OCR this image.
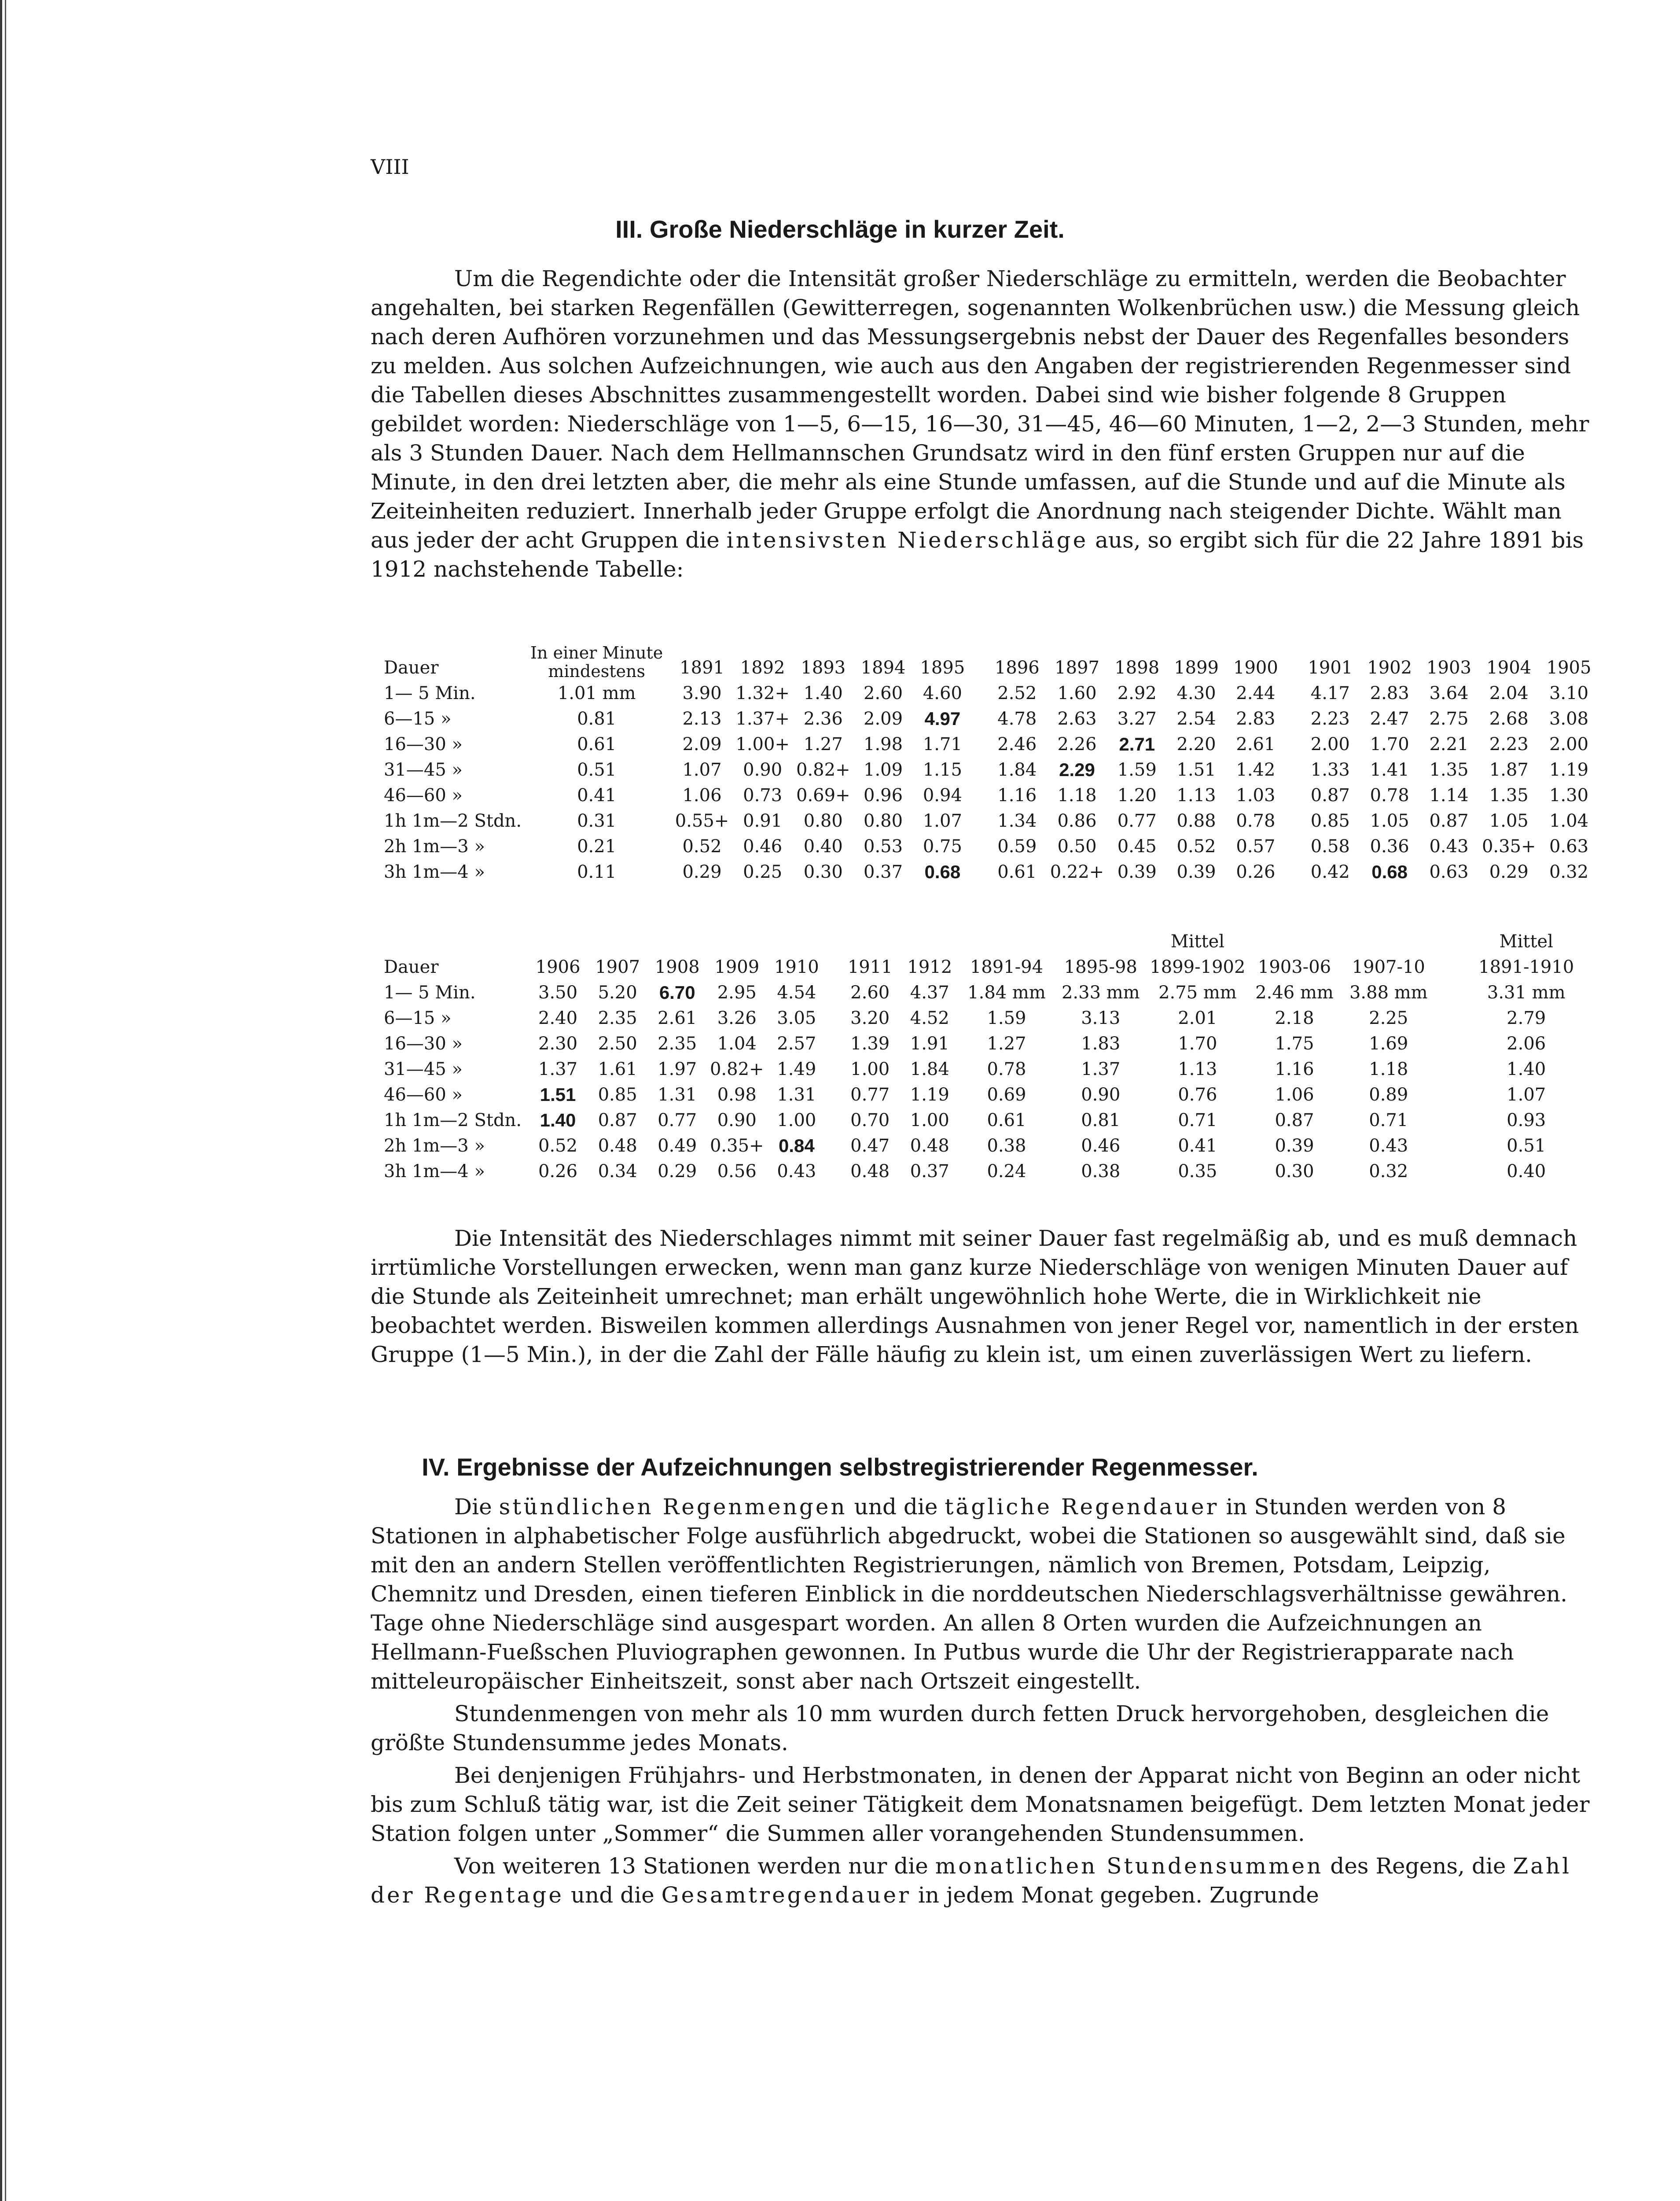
VIII
III. Große Niederschläge in kurzer Zeit.

Um die Regendichte oder die Intensität großer Niederschläge zu ermitteln, werden die Beobachter angehalten, bei starken Regenfällen (Gewitterregen, sogenannten Wolkenbrüchen usw.) die Messung gleich nach deren Aufhören vorzunehmen und das Messungsergebnis nebst der Dauer des Regenfalles besonders zu melden. Aus solchen Aufzeichnungen, wie auch aus den Angaben der registrierenden Regenmesser sind die Tabellen dieses Abschnittes zusammengestellt worden. Dabei sind wie bisher folgende 8 Gruppen gebildet worden: Niederschläge von 1—5, 6—15, 16—30, 31—45, 46—60 Minuten, 1—2, 2—3 Stunden, mehr als 3 Stunden Dauer. Nach dem Hellmannschen Grundsatz wird in den fünf ersten Gruppen nur auf die Minute, in den drei letzten aber, die mehr als eine Stunde umfassen, auf die Stunde und auf die Minute als Zeiteinheiten reduziert. Innerhalb jeder Gruppe erfolgt die Anordnung nach steigender Dichte. Wählt man aus jeder der acht Gruppen die intensivsten Niederschläge aus, so ergibt sich für die 22 Jahre 1891 bis 1912 nachstehende Tabelle:

Dauer	In einer Minute mindestens	1891	1892	1893	1894	1895		1896	1897	1898	1899	1900		1901	1902	1903	1904	1905
1— 5 Min.	1.01 mm	3.90	1.32+	1.40	2.60	4.60		2.52	1.60	2.92	4.30	2.44		4.17	2.83	3.64	2.04	3.10
6—15 »	0.81	2.13	1.37+	2.36	2.09	4.97		4.78	2.63	3.27	2.54	2.83		2.23	2.47	2.75	2.68	3.08
16—30 »	0.61	2.09	1.00+	1.27	1.98	1.71		2.46	2.26	2.71	2.20	2.61		2.00	1.70	2.21	2.23	2.00
31—45 »	0.51	1.07	0.90	0.82+	1.09	1.15		1.84	2.29	1.59	1.51	1.42		1.33	1.41	1.35	1.87	1.19
46—60 »	0.41	1.06	0.73	0.69+	0.96	0.94		1.16	1.18	1.20	1.13	1.03		0.87	0.78	1.14	1.35	1.30
1h 1m—2 Stdn.	0.31	0.55+	0.91	0.80	0.80	1.07		1.34	0.86	0.77	0.88	0.78		0.85	1.05	0.87	1.05	1.04
2h 1m—3 »	0.21	0.52	0.46	0.40	0.53	0.75		0.59	0.50	0.45	0.52	0.57		0.58	0.36	0.43	0.35+	0.63
3h 1m—4 »	0.11	0.29	0.25	0.30	0.37	0.68		0.61	0.22+	0.39	0.39	0.26		0.42	0.68	0.63	0.29	0.32
									Mittel						Mittel
Dauer	1906	1907	1908	1909	1910		1911	1912	1891-94	1895-98	1899-1902	1903-06	1907-10		1891-1910
1— 5 Min.	3.50	5.20	6.70	2.95	4.54		2.60	4.37	1.84 mm	2.33 mm	2.75 mm	2.46 mm	3.88 mm		3.31 mm
6—15 »	2.40	2.35	2.61	3.26	3.05		3.20	4.52	1.59	3.13	2.01	2.18	2.25		2.79
16—30 »	2.30	2.50	2.35	1.04	2.57		1.39	1.91	1.27	1.83	1.70	1.75	1.69		2.06
31—45 »	1.37	1.61	1.97	0.82+	1.49		1.00	1.84	0.78	1.37	1.13	1.16	1.18		1.40
46—60 »	1.51	0.85	1.31	0.98	1.31		0.77	1.19	0.69	0.90	0.76	1.06	0.89		1.07
1h 1m—2 Stdn.	1.40	0.87	0.77	0.90	1.00		0.70	1.00	0.61	0.81	0.71	0.87	0.71		0.93
2h 1m—3 »	0.52	0.48	0.49	0.35+	0.84		0.47	0.48	0.38	0.46	0.41	0.39	0.43		0.51
3h 1m—4 »	0.26	0.34	0.29	0.56	0.43		0.48	0.37	0.24	0.38	0.35	0.30	0.32		0.40

Die Intensität des Niederschlages nimmt mit seiner Dauer fast regelmäßig ab, und es muß demnach irrtümliche Vorstellungen erwecken, wenn man ganz kurze Niederschläge von wenigen Minuten Dauer auf die Stunde als Zeiteinheit umrechnet; man erhält ungewöhnlich hohe Werte, die in Wirklichkeit nie beobachtet werden. Bisweilen kommen allerdings Ausnahmen von jener Regel vor, namentlich in der ersten Gruppe (1—5 Min.), in der die Zahl der Fälle häufig zu klein ist, um einen zuverlässigen Wert zu liefern.

IV. Ergebnisse der Aufzeichnungen selbstregistrierender Regenmesser.

Die stündlichen Regenmengen und die tägliche Regendauer in Stunden werden von 8 Stationen in alphabetischer Folge ausführlich abgedruckt, wobei die Stationen so ausgewählt sind, daß sie mit den an andern Stellen veröffentlichten Registrierungen, nämlich von Bremen, Potsdam, Leipzig, Chemnitz und Dresden, einen tieferen Einblick in die norddeutschen Niederschlagsverhältnisse gewähren. Tage ohne Niederschläge sind ausgespart worden. An allen 8 Orten wurden die Aufzeichnungen an Hellmann-Fueßschen Pluviographen gewonnen. In Putbus wurde die Uhr der Registrierapparate nach mitteleuropäischer Einheitszeit, sonst aber nach Ortszeit eingestellt.

Stundenmengen von mehr als 10 mm wurden durch fetten Druck hervorgehoben, desgleichen die größte Stundensumme jedes Monats.

Bei denjenigen Frühjahrs- und Herbstmonaten, in denen der Apparat nicht von Beginn an oder nicht bis zum Schluß tätig war, ist die Zeit seiner Tätigkeit dem Monatsnamen beigefügt. Dem letzten Monat jeder Station folgen unter „Sommer“ die Summen aller vorangehenden Stundensummen.

Von weiteren 13 Stationen werden nur die monatlichen Stundensummen des Regens, die Zahl der Regentage und die Gesamtregendauer in jedem Monat gegeben. Zugrunde
